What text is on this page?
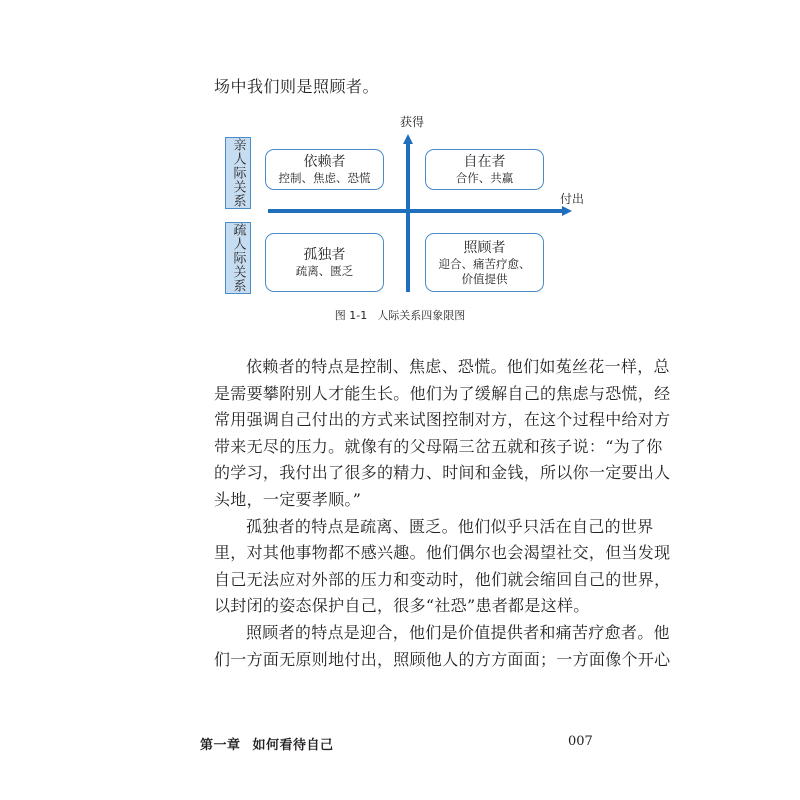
场中我们则是照顾者。
获得
付出
亲人际关系
疏人际关系
依赖者
控制、焦虑、恐慌
自在者
合作、共赢
孤独者
疏离、匮乏
照顾者
迎合、痛苦疗愈、
价值提供
图 1-1 人际关系四象限图
依赖者的特点是控制、焦虑、恐慌。他们如菟丝花一样，总
是需要攀附别人才能生长。他们为了缓解自己的焦虑与恐慌，经
常用强调自己付出的方式来试图控制对方，在这个过程中给对方
带来无尽的压力。就像有的父母隔三岔五就和孩子说：“为了你
的学习，我付出了很多的精力、时间和金钱，所以你一定要出人
头地，一定要孝顺。”
孤独者的特点是疏离、匮乏。他们似乎只活在自己的世界
里，对其他事物都不感兴趣。他们偶尔也会渴望社交，但当发现
自己无法应对外部的压力和变动时，他们就会缩回自己的世界，
以封闭的姿态保护自己，很多“社恐”患者都是这样。
照顾者的特点是迎合，他们是价值提供者和痛苦疗愈者。他
们一方面无原则地付出，照顾他人的方方面面；一方面像个开心
第一章 如何看待自己	007
